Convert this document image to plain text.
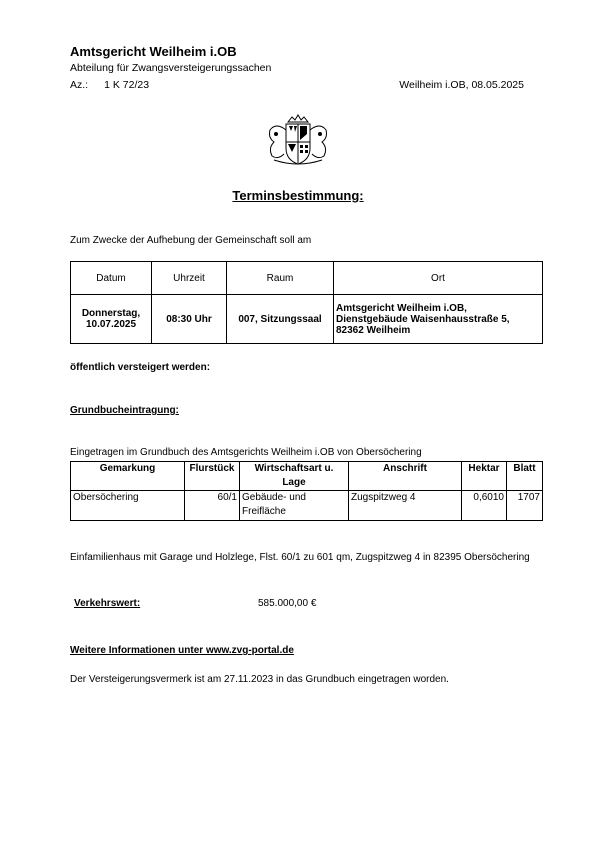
Amtsgericht Weilheim i.OB
Abteilung für Zwangsversteigerungssachen
Az.: 1 K 72/23	Weilheim i.OB, 08.05.2025
Terminsbestimmung:
Zum Zwecke der Aufhebung der Gemeinschaft soll am
Datum	Uhrzeit	Raum	Ort
Donnerstag, 10.07.2025	08:30 Uhr	007, Sitzungssaal	Amtsgericht Weilheim i.OB, Dienstgebäude Waisenhausstraße 5, 82362 Weilheim
öffentlich versteigert werden:
Grundbucheintragung:
Eingetragen im Grundbuch des Amtsgerichts Weilheim i.OB von Obersöchering
Gemarkung	Flurstück	Wirtschaftsart u. Lage	Anschrift	Hektar	Blatt
Obersöchering	60/1	Gebäude- und Freifläche	Zugspitzweg 4	0,6010	1707
Einfamilienhaus mit Garage und Holzlege, Flst. 60/1 zu 601 qm, Zugspitzweg 4 in 82395 Obersöchering
Verkehrswert:	585.000,00 €
Weitere Informationen unter www.zvg-portal.de
Der Versteigerungsvermerk ist am 27.11.2023 in das Grundbuch eingetragen worden.
